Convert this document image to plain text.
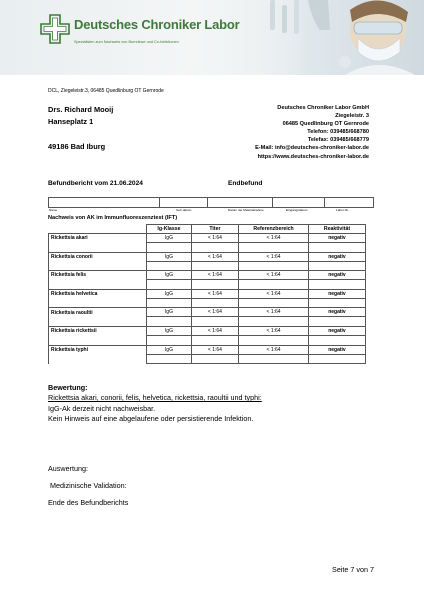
Deutsches Chroniker Labor
Spezialisten zum Nachweis von Borreliose und Co-Infektionen
DCL, Ziegeleistr.3, 06485 Quedlinburg OT Gernrode
Drs. Richard Mooij
Hanseplatz 1
49186 Bad Iburg
Deutsches Chroniker Labor GmbH
Ziegeleistr. 3
06485 Quedlinburg OT Gernrode
Telefon: 039485/668780
Telefax: 039485/668779
E-Mail: info@deutsches-chroniker-labor.de
https://www.deutsches-chroniker-labor.de
Befundbericht vom 21.06.2024	Endbefund

Name	Geb.datum	Datum der Materialnahme	Eingangsdatum	Labor-Nr.
Nachweis von AK im Immunfluoreszenztest (IFT)
	Ig-Klasse	Titer	Referenzbereich	Reaktivität
Rickettsia akari	IgG	< 1:64	< 1:64	negativ

Rickettsia conorii	IgG	< 1:64	< 1:64	negativ

Rickettsia felis	IgG	< 1:64	< 1:64	negativ

Rickettsia helvetica	IgG	< 1:64	< 1:64	negativ

Rickettsia raoultii	IgG	< 1:64	< 1:64	negativ

Rickettsia rickettsii	IgG	< 1:64	< 1:64	negativ

Rickettsia typhi	IgG	< 1:64	< 1:64	negativ

Bewertung:
Rickettsia akari, conorii, felis, helvetica, rickettsia, raoultii und typhi:
IgG-Ak derzeit nicht nachweisbar.
Kein Hinweis auf eine abgelaufene oder persistierende Infektion.
Auswertung:
Medizinische Validation:
Ende des Befundberichts
Seite 7 von 7
